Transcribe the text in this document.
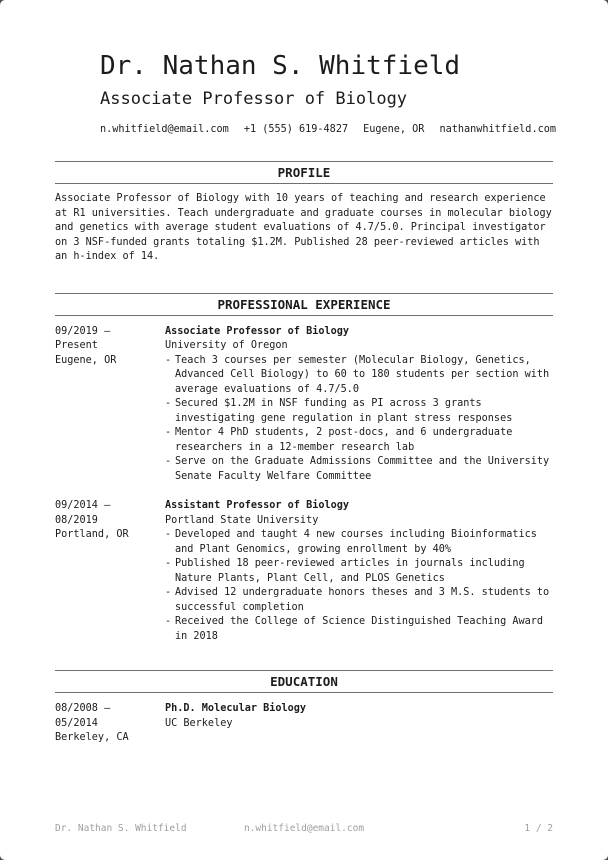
Dr. Nathan S. Whitfield
Associate Professor of Biology
n.whitfield@email.com +1 (555) 619-4827 Eugene, OR nathanwhitfield.com
PROFILE

Associate Professor of Biology with 10 years of teaching and research experience at R1 universities. Teach undergraduate and graduate courses in molecular biology and genetics with average student evaluations of 4.7/5.0. Principal investigator on 3 NSF-funded grants totaling $1.2M. Published 28 peer-reviewed articles with an h-index of 14.

PROFESSIONAL EXPERIENCE
09/2019 –
Present
Eugene, OR
Associate Professor of Biology
University of Oregon
- Teach 3 courses per semester (Molecular Biology, Genetics, Advanced Cell Biology) to 60 to 180 students per section with average evaluations of 4.7/5.0
- Secured $1.2M in NSF funding as PI across 3 grants investigating gene regulation in plant stress responses
- Mentor 4 PhD students, 2 post-docs, and 6 undergraduate researchers in a 12-member research lab
- Serve on the Graduate Admissions Committee and the University Senate Faculty Welfare Committee
09/2014 –
08/2019
Portland, OR
Assistant Professor of Biology
Portland State University
- Developed and taught 4 new courses including Bioinformatics and Plant Genomics, growing enrollment by 40%
- Published 18 peer-reviewed articles in journals including Nature Plants, Plant Cell, and PLOS Genetics
- Advised 12 undergraduate honors theses and 3 M.S. students to successful completion
- Received the College of Science Distinguished Teaching Award in 2018
EDUCATION
08/2008 –
05/2014
Berkeley, CA
Ph.D. Molecular Biology
UC Berkeley
Dr. Nathan S. Whitfield	n.whitfield@email.com	1 / 2
